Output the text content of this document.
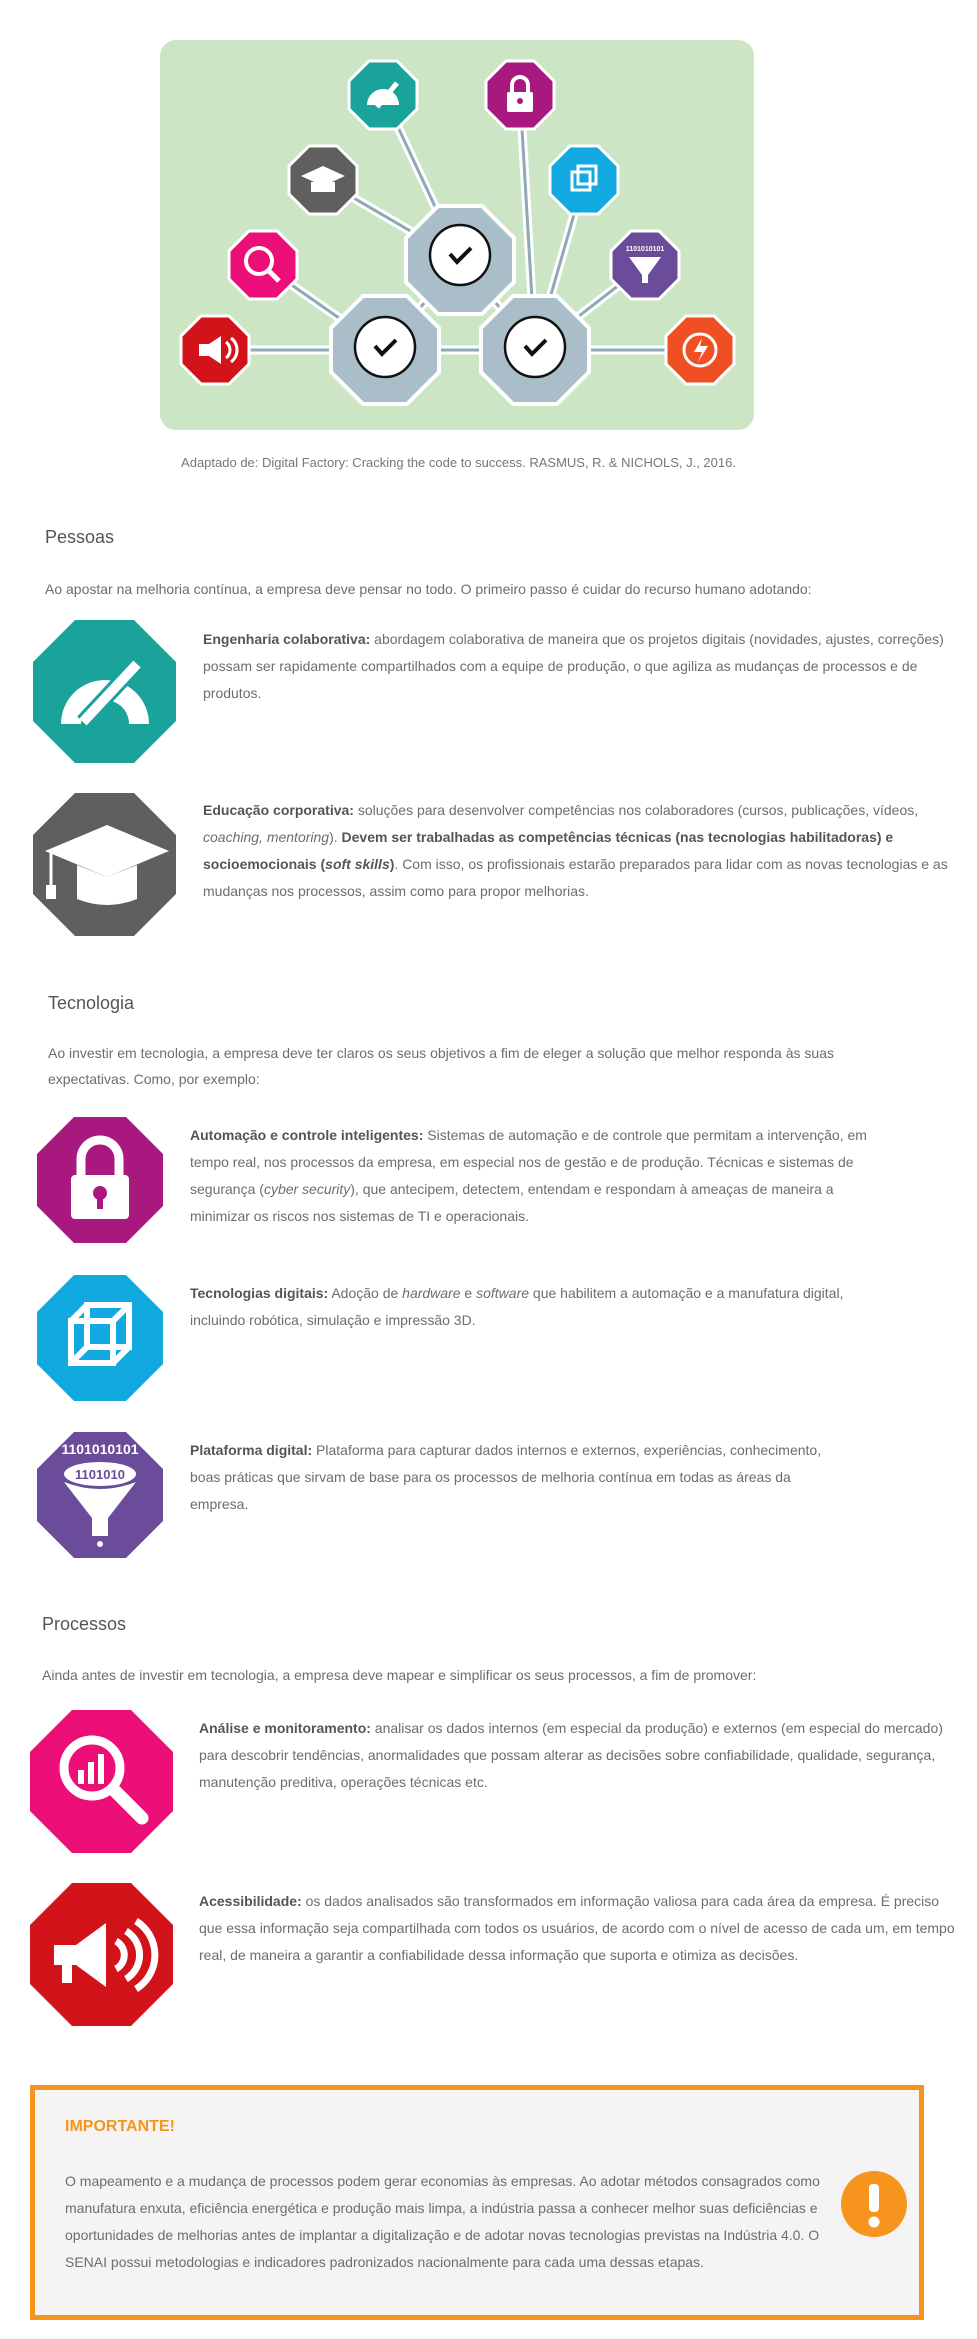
1101010101
Adaptado de: Digital Factory: Cracking the code to success. RASMUS, R. & NICHOLS, J., 2016.
Pessoas
Ao apostar na melhoria contínua, a empresa deve pensar no todo. O primeiro passo é cuidar do recurso humano adotando:
Engenharia colaborativa: abordagem colaborativa de maneira que os projetos digitais (novidades, ajustes, correções) possam ser rapidamente compartilhados com a equipe de produção, o que agiliza as mudanças de processos e de produtos.
Educação corporativa: soluções para desenvolver competências nos colaboradores (cursos, publicações, vídeos, coaching, mentoring). Devem ser trabalhadas as competências técnicas (nas tecnologias habilitadoras) e socioemocionais (soft skills). Com isso, os profissionais estarão preparados para lidar com as novas tecnologias e as mudanças nos processos, assim como para propor melhorias.
Tecnologia
Ao investir em tecnologia, a empresa deve ter claros os seus objetivos a fim de eleger a solução que melhor responda às suas expectativas. Como, por exemplo:
Automação e controle inteligentes: Sistemas de automação e de controle que permitam a intervenção, em tempo real, nos processos da empresa, em especial nos de gestão e de produção. Técnicas e sistemas de segurança (cyber security), que antecipem, detectem, entendam e respondam à ameaças de maneira a minimizar os riscos nos sistemas de TI e operacionais.
Tecnologias digitais: Adoção de hardware e software que habilitem a automação e a manufatura digital, incluindo robótica, simulação e impressão 3D.
1101010101
1101010
Plataforma digital: Plataforma para capturar dados internos e externos, experiências, conhecimento, boas práticas que sirvam de base para os processos de melhoria contínua em todas as áreas da empresa.
Processos
Ainda antes de investir em tecnologia, a empresa deve mapear e simplificar os seus processos, a fim de promover:
Análise e monitoramento: analisar os dados internos (em especial da produção) e externos (em especial do mercado) para descobrir tendências, anormalidades que possam alterar as decisões sobre confiabilidade, qualidade, segurança, manutenção preditiva, operações técnicas etc.
Acessibilidade: os dados analisados são transformados em informação valiosa para cada área da empresa. É preciso que essa informação seja compartilhada com todos os usuários, de acordo com o nível de acesso de cada um, em tempo real, de maneira a garantir a confiabilidade dessa informação que suporta e otimiza as decisões.
IMPORTANTE!
O mapeamento e a mudança de processos podem gerar economias às empresas. Ao adotar métodos consagrados como manufatura enxuta, eficiência energética e produção mais limpa, a indústria passa a conhecer melhor suas deficiências e oportunidades de melhorias antes de implantar a digitalização e de adotar novas tecnologias previstas na Indústria 4.0. O SENAI possui metodologias e indicadores padronizados nacionalmente para cada uma dessas etapas.
